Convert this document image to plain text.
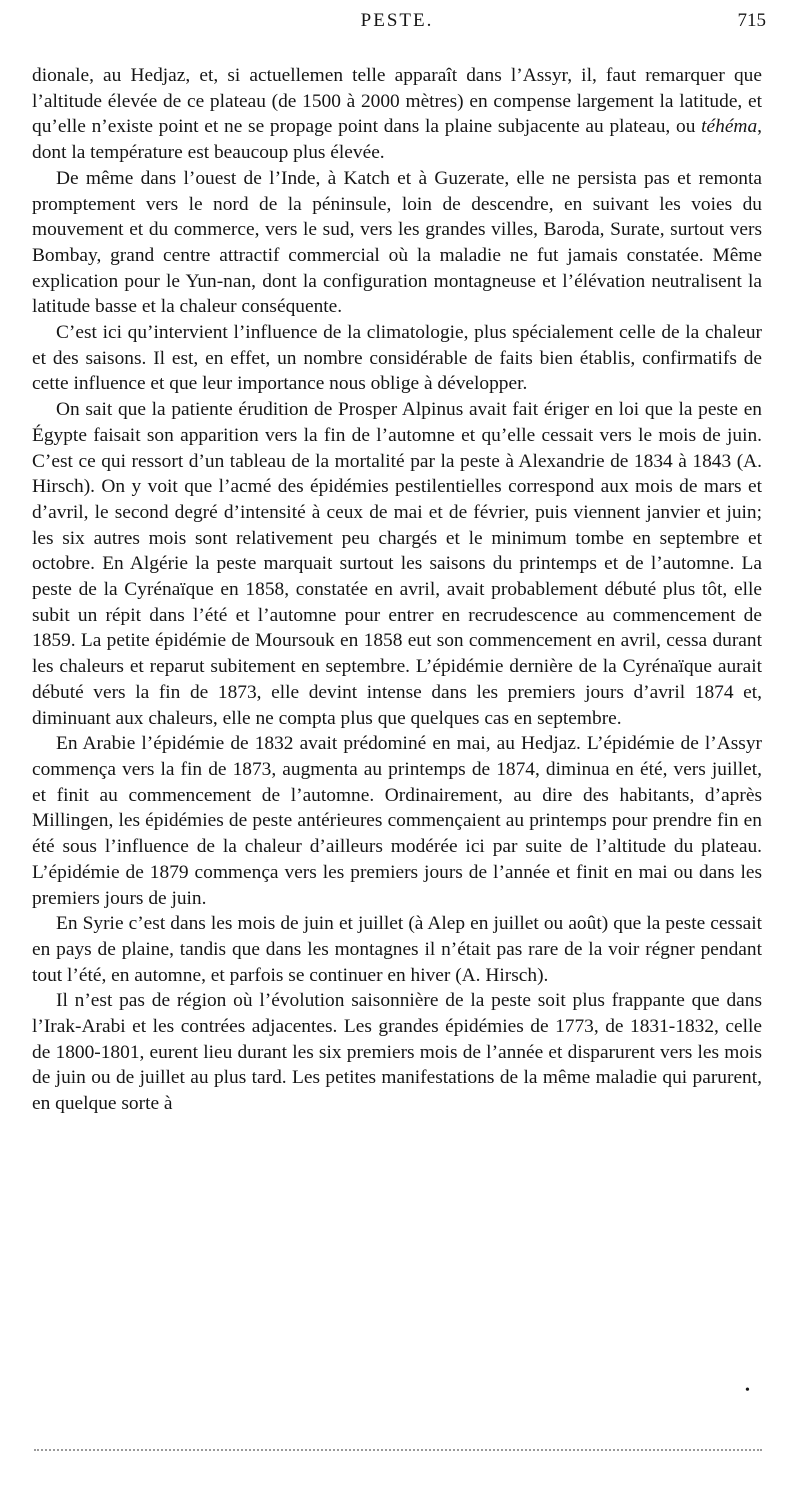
PESTE.	715

dionale, au Hedjaz, et, si actuellemen telle apparaît dans l’Assyr, il, faut remarquer que l’altitude élevée de ce plateau (de 1500 à 2000 mètres) en compense largement la latitude, et qu’elle n’existe point et ne se propage point dans la plaine subjacente au plateau, ou téhéma, dont la température est beaucoup plus élevée.

De même dans l’ouest de l’Inde, à Katch et à Guzerate, elle ne persista pas et remonta promptement vers le nord de la péninsule, loin de descendre, en suivant les voies du mouvement et du commerce, vers le sud, vers les grandes villes, Baroda, Surate, surtout vers Bombay, grand centre attractif commercial où la maladie ne fut jamais constatée. Même explication pour le Yun-nan, dont la configuration montagneuse et l’élévation neutralisent la latitude basse et la chaleur conséquente.

C’est ici qu’intervient l’influence de la climatologie, plus spécialement celle de la chaleur et des saisons. Il est, en effet, un nombre considérable de faits bien établis, confirmatifs de cette influence et que leur importance nous oblige à développer.

On sait que la patiente érudition de Prosper Alpinus avait fait ériger en loi que la peste en Égypte faisait son apparition vers la fin de l’automne et qu’elle cessait vers le mois de juin. C’est ce qui ressort d’un tableau de la mortalité par la peste à Alexandrie de 1834 à 1843 (A. Hirsch). On y voit que l’acmé des épidémies pestilentielles correspond aux mois de mars et d’avril, le second degré d’intensité à ceux de mai et de février, puis viennent janvier et juin; les six autres mois sont relativement peu chargés et le minimum tombe en septembre et octobre. En Algérie la peste marquait surtout les saisons du printemps et de l’automne. La peste de la Cyrénaïque en 1858, constatée en avril, avait probablement débuté plus tôt, elle subit un répit dans l’été et l’automne pour entrer en recrudescence au commencement de 1859. La petite épidémie de Moursouk en 1858 eut son commencement en avril, cessa durant les chaleurs et reparut subitement en septembre. L’épidémie dernière de la Cyrénaïque aurait débuté vers la fin de 1873, elle devint intense dans les premiers jours d’avril 1874 et, diminuant aux chaleurs, elle ne compta plus que quelques cas en septembre.

En Arabie l’épidémie de 1832 avait prédominé en mai, au Hedjaz. L’épidémie de l’Assyr commença vers la fin de 1873, augmenta au printemps de 1874, diminua en été, vers juillet, et finit au commencement de l’automne. Ordinairement, au dire des habitants, d’après Millingen, les épidémies de peste antérieures commençaient au printemps pour prendre fin en été sous l’influence de la chaleur d’ailleurs modérée ici par suite de l’altitude du plateau. L’épidémie de 1879 commença vers les premiers jours de l’année et finit en mai ou dans les premiers jours de juin.

En Syrie c’est dans les mois de juin et juillet (à Alep en juillet ou août) que la peste cessait en pays de plaine, tandis que dans les montagnes il n’était pas rare de la voir régner pendant tout l’été, en automne, et parfois se continuer en hiver (A. Hirsch).

Il n’est pas de région où l’évolution saisonnière de la peste soit plus frappante que dans l’Irak-Arabi et les contrées adjacentes. Les grandes épidémies de 1773, de 1831-1832, celle de 1800-1801, eurent lieu durant les six premiers mois de l’année et disparurent vers les mois de juin ou de juillet au plus tard. Les petites manifestations de la même maladie qui parurent, en quelque sorte à

•
